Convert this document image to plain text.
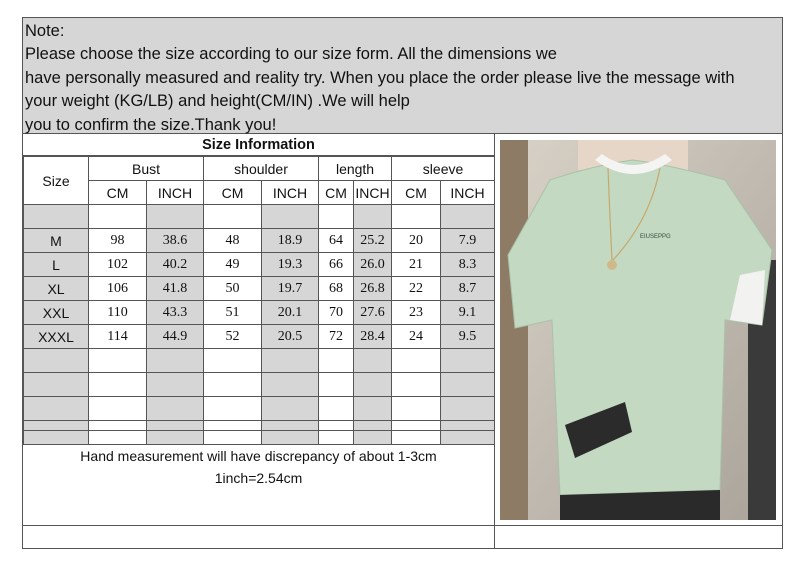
Note:
Please choose the size according to our size form. All the dimensions we
have personally measured and reality try. When you place the order please live the message with
your weight (KG/LB) and height(CM/IN) .We will help
you to confirm the size.Thank you!
Size Information
Size	Bust		shoulder		length		sleeve	
	CM	INCH	CM	INCH	CM	INCH	CM	INCH

M	98	38.6	48	18.9	64	25.2	20	7.9
L	102	40.2	49	19.3	66	26.0	21	8.3
XL	106	41.8	50	19.7	68	26.8	22	8.7
XXL	110	43.3	51	20.1	70	27.6	23	9.1
XXXL	114	44.9	52	20.5	72	28.4	24	9.5

Hand measurement will have discrepancy of about 1-3cm
1inch=2.54cm
EIUSEPPG
